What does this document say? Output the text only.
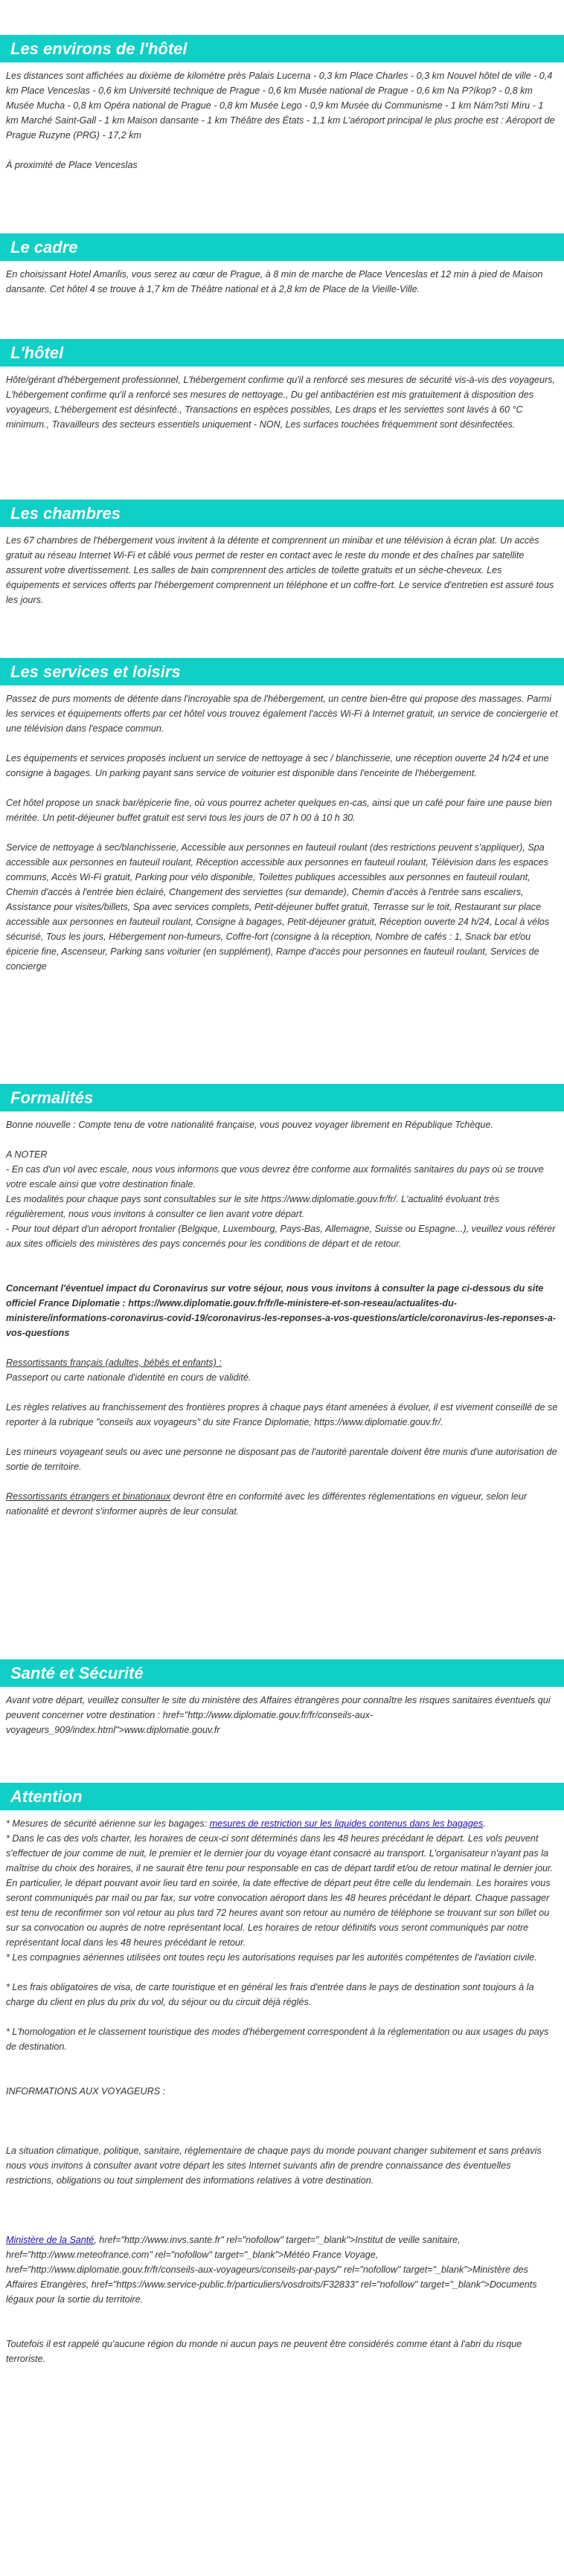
Les environs de l'hôtel

Les distances sont affichées au dixième de kilomètre près Palais Lucerna - 0,3 km Place Charles - 0,3 km Nouvel hôtel de ville - 0,4 km Place Venceslas - 0,6 km Université technique de Prague - 0,6 km Musée national de Prague - 0,6 km Na P?íkop? - 0,8 km Musée Mucha - 0,8 km Opéra national de Prague - 0,8 km Musée Lego - 0,9 km Musée du Communisme - 1 km Nám?stí Míru - 1 km Marché Saint-Gall - 1 km Maison dansante - 1 km Théâtre des États - 1,1 km L'aéroport principal le plus proche est : Aéroport de Prague Ruzyne (PRG) - 17,2 km

À proximité de Place Venceslas

Le cadre

En choisissant Hotel Amarilis, vous serez au cœur de Prague, à 8 min de marche de Place Venceslas et 12 min à pied de Maison dansante. Cet hôtel 4 se trouve à 1,7 km de Théâtre national et à 2,8 km de Place de la Vieille-Ville.

L'hôtel

Hôte/gérant d'hébergement professionnel, L'hébergement confirme qu'il a renforcé ses mesures de sécurité vis-à-vis des voyageurs, L'hébergement confirme qu'il a renforcé ses mesures de nettoyage., Du gel antibactérien est mis gratuitement à disposition des voyageurs, L'hébergement est désinfecté., Transactions en espèces possibles, Les draps et les serviettes sont lavés à 60 °C minimum., Travailleurs des secteurs essentiels uniquement - NON, Les surfaces touchées fréquemment sont désinfectées.

Les chambres

Les 67 chambres de l'hébergement vous invitent à la détente et comprennent un minibar et une télévision à écran plat. Un accès gratuit au réseau Internet Wi-Fi et câblé vous permet de rester en contact avec le reste du monde et des chaînes par satellite assurent votre divertissement. Les salles de bain comprennent des articles de toilette gratuits et un sèche-cheveux. Les équipements et services offerts par l'hébergement comprennent un téléphone et un coffre-fort. Le service d'entretien est assuré tous les jours.

Les services et loisirs

Passez de purs moments de détente dans l'incroyable spa de l'hébergement, un centre bien-être qui propose des massages. Parmi les services et équipements offerts par cet hôtel vous trouvez également l'accès Wi-Fi à Internet gratuit, un service de conciergerie et une télévision dans l'espace commun.

Les équipements et services proposés incluent un service de nettoyage à sec / blanchisserie, une réception ouverte 24 h/24 et une consigne à bagages. Un parking payant sans service de voiturier est disponible dans l'enceinte de l'hébergement.

Cet hôtel propose un snack bar/épicerie fine, où vous pourrez acheter quelques en-cas, ainsi que un café pour faire une pause bien méritée. Un petit-déjeuner buffet gratuit est servi tous les jours de 07 h 00 à 10 h 30.

Service de nettoyage à sec/blanchisserie, Accessible aux personnes en fauteuil roulant (des restrictions peuvent s'appliquer), Spa accessible aux personnes en fauteuil roulant, Réception accessible aux personnes en fauteuil roulant, Télévision dans les espaces communs, Accès Wi-Fi gratuit, Parking pour vélo disponible, Toilettes publiques accessibles aux personnes en fauteuil roulant, Chemin d'accès à l'entrée bien éclairé, Changement des serviettes (sur demande), Chemin d'accès à l'entrée sans escaliers, Assistance pour visites/billets, Spa avec services complets, Petit-déjeuner buffet gratuit, Terrasse sur le toit, Restaurant sur place accessible aux personnes en fauteuil roulant, Consigne à bagages, Petit-déjeuner gratuit, Réception ouverte 24 h/24, Local à vélos sécurisé, Tous les jours, Hébergement non-fumeurs, Coffre-fort (consigne à la réception, Nombre de cafés : 1, Snack bar et/ou épicerie fine, Ascenseur, Parking sans voiturier (en supplément), Rampe d'accès pour personnes en fauteuil roulant, Services de concierge

Formalités

Bonne nouvelle : Compte tenu de votre nationalité française, vous pouvez voyager librement en République Tchèque.

A NOTER
- En cas d'un vol avec escale, nous vous informons que vous devrez être conforme aux formalités sanitaires du pays où se trouve votre escale ainsi que votre destination finale.
Les modalités pour chaque pays sont consultables sur le site https://www.diplomatie.gouv.fr/fr/. L'actualité évoluant très régulièrement, nous vous invitons à consulter ce lien avant votre départ.

- Pour tout départ d'un aéroport frontalier (Belgique, Luxembourg, Pays-Bas, Allemagne, Suisse ou Espagne...), veuillez vous référer aux sites officiels des ministères des pays concernés pour les conditions de départ et de retour.

Concernant l'éventuel impact du Coronavirus sur votre séjour, nous vous invitons à consulter la page ci-dessous du site officiel France Diplomatie : https://www.diplomatie.gouv.fr/fr/le-ministere-et-son-reseau/actualites-du-ministere/informations-coronavirus-covid-19/coronavirus-les-reponses-a-vos-questions/article/coronavirus-les-reponses-a-vos-questions

Ressortissants français (adultes, bébés et enfants) :

Passeport ou carte nationale d'identité en cours de validité.

Les règles relatives au franchissement des frontières propres à chaque pays étant amenées à évoluer, il est vivement conseillé de se reporter à la rubrique "conseils aux voyageurs" du site France Diplomatie, https://www.diplomatie.gouv.fr/.

Les mineurs voyageant seuls ou avec une personne ne disposant pas de l'autorité parentale doivent être munis d'une autorisation de sortie de territoire.

Ressortissants étrangers et binationaux devront être en conformité avec les différentes réglementations en vigueur, selon leur nationalité et devront s'informer auprès de leur consulat.

Santé et Sécurité

Avant votre départ, veuillez consulter le site du ministère des Affaires étrangères pour connaître les risques sanitaires éventuels qui peuvent concerner votre destination : href="http://www.diplomatie.gouv.fr/fr/conseils-aux-voyageurs_909/index.html">www.diplomatie.gouv.fr

Attention
* Mesures de sécurité aérienne sur les bagages: mesures de restriction sur les liquides contenus dans les bagages.
* Dans le cas des vols charter, les horaires de ceux-ci sont déterminés dans les 48 heures précédant le départ. Les vols peuvent s'effectuer de jour comme de nuit, le premier et le dernier jour du voyage étant consacré au transport. L'organisateur n'ayant pas la maîtrise du choix des horaires, il ne saurait être tenu pour responsable en cas de départ tardif et/ou de retour matinal le dernier jour. En particulier, le départ pouvant avoir lieu tard en soirée, la date effective de départ peut être celle du lendemain. Les horaires vous seront communiqués par mail ou par fax, sur votre convocation aéroport dans les 48 heures précédant le départ. Chaque passager est tenu de reconfirmer son vol retour au plus tard 72 heures avant son retour au numéro de téléphone se trouvant sur son billet ou sur sa convocation ou auprès de notre représentant local. Les horaires de retour définitifs vous seront communiqués par notre représentant local dans les 48 heures précédant le retour.

* Les compagnies aériennes utilisées ont toutes reçu les autorisations requises par les autorités compétentes de l'aviation civile.

* Les frais obligatoires de visa, de carte touristique et en général les frais d'entrée dans le pays de destination sont toujours à la charge du client en plus du prix du vol, du séjour ou du circuit déjà réglés.

* L'homologation et le classement touristique des modes d'hébergement correspondent à la réglementation ou aux usages du pays de destination.

INFORMATIONS AUX VOYAGEURS :

La situation climatique, politique, sanitaire, réglementaire de chaque pays du monde pouvant changer subitement et sans préavis nous vous invitons à consulter avant votre départ les sites Internet suivants afin de prendre connaissance des éventuelles restrictions, obligations ou tout simplement des informations relatives à votre destination.

Ministère de la Santé, href="http://www.invs.sante.fr" rel="nofollow" target="_blank">Institut de veille sanitaire, href="http://www.meteofrance.com" rel="nofollow" target="_blank">Météo France Voyage, href="http://www.diplomatie.gouv.fr/fr/conseils-aux-voyageurs/conseils-par-pays/" rel="nofollow" target="_blank">Ministère des Affaires Etrangères, href="https://www.service-public.fr/particuliers/vosdroits/F32833" rel="nofollow" target="_blank">Documents légaux pour la sortie du territoire.

Toutefois il est rappelé qu'aucune région du monde ni aucun pays ne peuvent être considérés comme étant à l'abri du risque terroriste.
